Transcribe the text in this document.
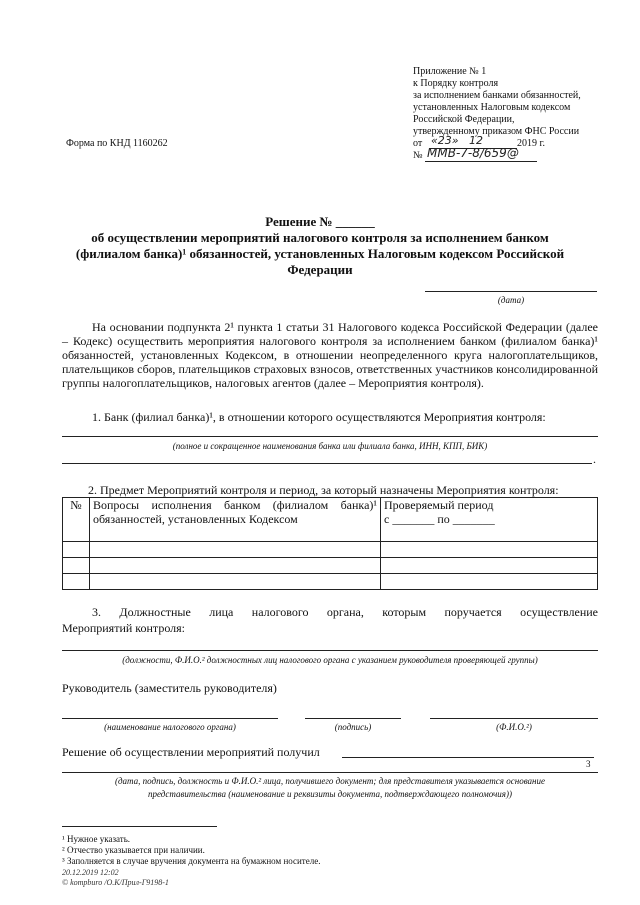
Приложение № 1
к Порядку контроля
за исполнением банками обязанностей,
установленных Налоговым кодексом
Российской Федерации,
утвержденному приказом ФНС России
от «23» 12	2019 г.
№ ММВ-7-8/659@
Форма по КНД 1160262
Решение № ______
об осуществлении мероприятий налогового контроля за исполнением банком
(филиалом банка)¹ обязанностей, установленных Налоговым кодексом Российской
Федерации
(дата)
На основании подпункта 2¹ пункта 1 статьи 31 Налогового кодекса Российской Федерации (далее – Кодекс) осуществить мероприятия налогового контроля за исполнением банком (филиалом банка)¹ обязанностей, установленных Кодексом, в отношении неопределенного круга налогоплательщиков, плательщиков сборов, плательщиков страховых взносов, ответственных участников консолидированной группы налогоплательщиков, налоговых агентов (далее – Мероприятия контроля).
1. Банк (филиал банка)¹, в отношении которого осуществляются Мероприятия контроля:
(полное и сокращенное наименования банка или филиала банка, ИНН, КПП, БИК)
.
2. Предмет Мероприятий контроля и период, за который назначены Мероприятия контроля:
№	Вопросы исполнения банком (филиалом банка)¹ обязанностей, установленных Кодексом	Проверяемый период
с _______ по _______

3. Должностные лица налогового органа, которым поручается осуществление
Мероприятий контроля:
(должности, Ф.И.О.² должностных лиц налогового органа с указанием руководителя проверяющей группы)
Руководитель (заместитель руководителя)
(наименование налогового органа)	(подпись)	(Ф.И.О.²)
Решение об осуществлении мероприятий получил
3
(дата, подпись, должность и Ф.И.О.² лица, получившего документ; для представителя указывается основание
представительства (наименование и реквизиты документа, подтверждающего полномочия))
¹ Нужное указать.
² Отчество указывается при наличии.
³ Заполняется в случае вручения документа на бумажном носителе.
20.12.2019 12:02
© kompburo /О.К/Прил-Г9198-1
